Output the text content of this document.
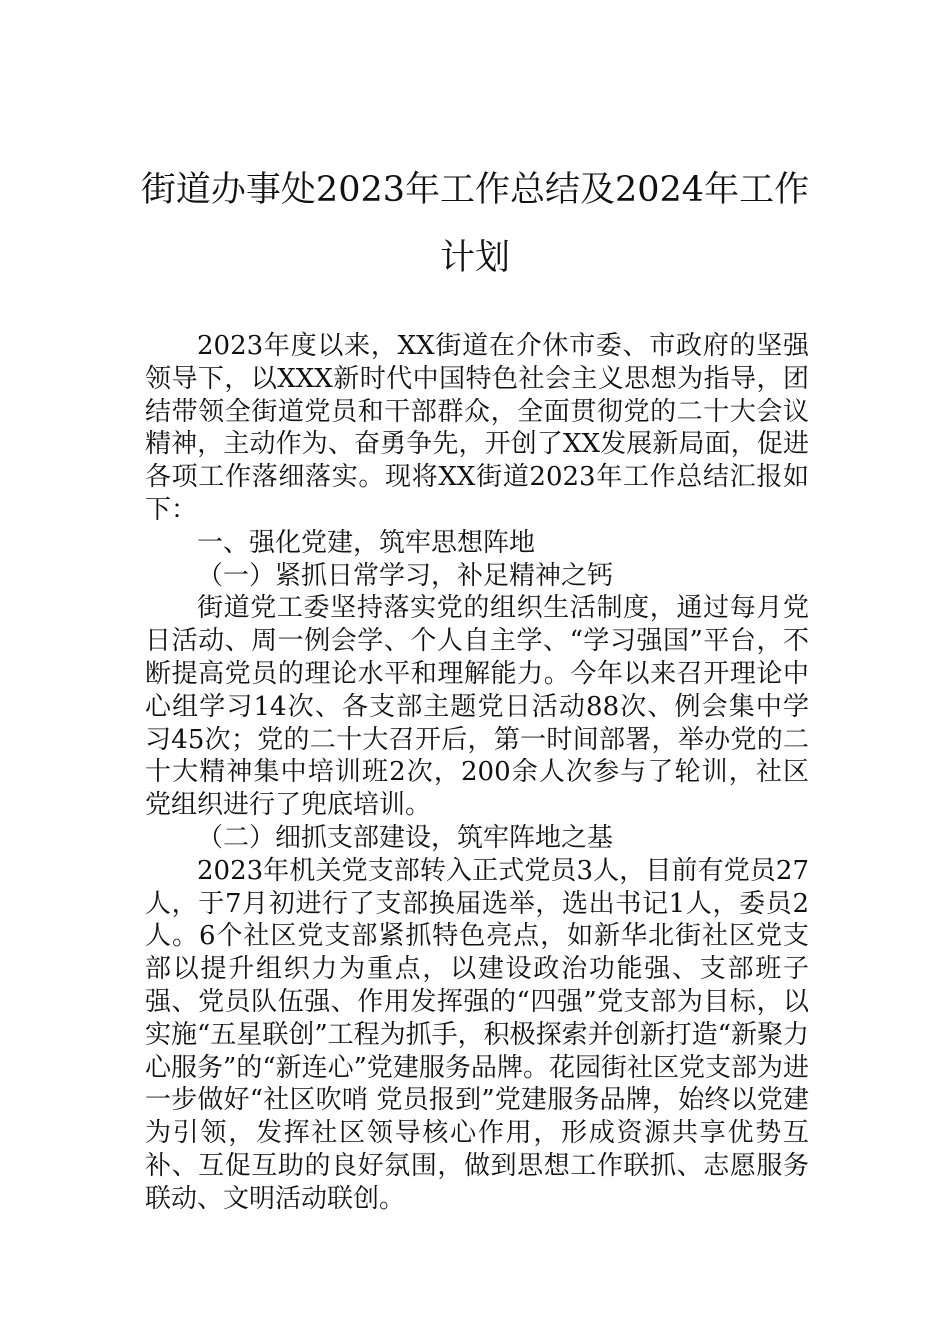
街道办事处2023年工作总结及2024年工作
计划

2023年度以来，XX街道在介休市委、市政府的坚强领导下，以XXX新时代中国特色社会主义思想为指导，团结带领全街道党员和干部群众，全面贯彻党的二十大会议精神，主动作为、奋勇争先，开创了XX发展新局面，促进各项工作落细落实。现将XX街道2023年工作总结汇报如下：

一、强化党建，筑牢思想阵地

（一）紧抓日常学习，补足精神之钙

街道党工委坚持落实党的组织生活制度，通过每月党日活动、周一例会学、个人自主学、“学习强国”平台，不断提高党员的理论水平和理解能力。今年以来召开理论中心组学习14次、各支部主题党日活动88次、例会集中学习45次；党的二十大召开后，第一时间部署，举办党的二十大精神集中培训班2次，200余人次参与了轮训，社区党组织进行了兜底培训。

（二）细抓支部建设，筑牢阵地之基

2023年机关党支部转入正式党员3人，目前有党员27人，于7月初进行了支部换届选举，选出书记1人，委员2人。6个社区党支部紧抓特色亮点，如新华北街社区党支部以提升组织力为重点，以建设政治功能强、支部班子强、党员队伍强、作用发挥强的“四强”党支部为目标，以实施“五星联创”工程为抓手，积极探索并创新打造“新聚力 心服务”的“新连心”党建服务品牌。花园街社区党支部为进一步做好“社区吹哨 党员报到”党建服务品牌，始终以党建为引领，发挥社区领导核心作用，形成资源共享优势互补、互促互助的良好氛围，做到思想工作联抓、志愿服务联动、文明活动联创。
